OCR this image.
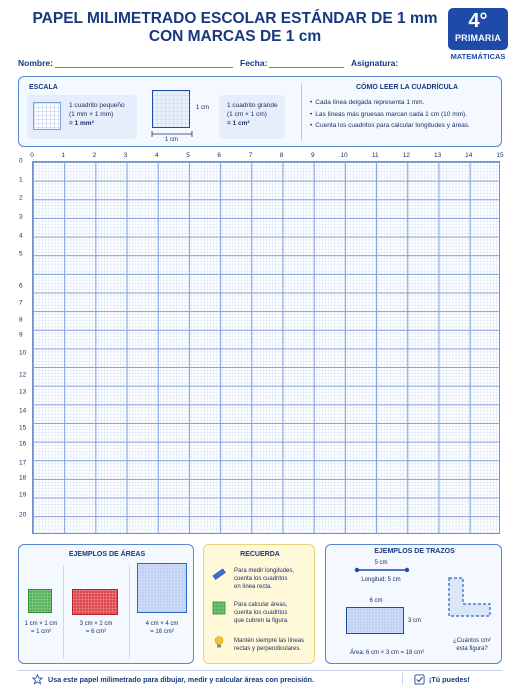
PAPEL MILIMETRADO ESCOLAR ESTÁNDAR DE 1 mm
CON MARCAS DE 1 cm
4°
PRIMARIA
MATEMÁTICAS
Nombre:	Fecha:	Asignatura:
ESCALA
1 cuadrito pequeño
(1 mm × 1 mm)
= 1 mm²
1 cm
1 cm
1 cuadrito grande
(1 cm × 1 cm)
= 1 cm²
CÓMO LEER LA CUADRÍCULA
• Cada línea delgada representa 1 mm.
• Las líneas más gruesas marcan cada 1 cm (10 mm).
• Cuenta los cuadritos para calcular longitudes y áreas.
0	1	2	3	4	5	6	7	8	9	10	11	12	13	14	15
0
1
2
3
4
5
6
7
8
9
10
12
13
14
15
16
17
18
19
20
EJEMPLOS DE ÁREAS
1 cm × 1 cm
= 1 cm²
3 cm × 2 cm
= 6 cm²
4 cm × 4 cm
= 16 cm²
RECUERDA
Para medir longitudes,
cuenta los cuadritos
en línea recta.
Para calcular áreas,
cuenta los cuadritos
que cubren la figura.
Mantén siempre las líneas
rectas y perpendiculares.
EJEMPLOS DE TRAZOS
5 cm
Longitud: 5 cm
6 cm
3 cm
Área: 6 cm × 3 cm = 18 cm²
¿Cuántos cm²
esta figura?
Usa este papel milimetrado para dibujar, medir y calcular áreas con precisión.	¡Tú puedes!
